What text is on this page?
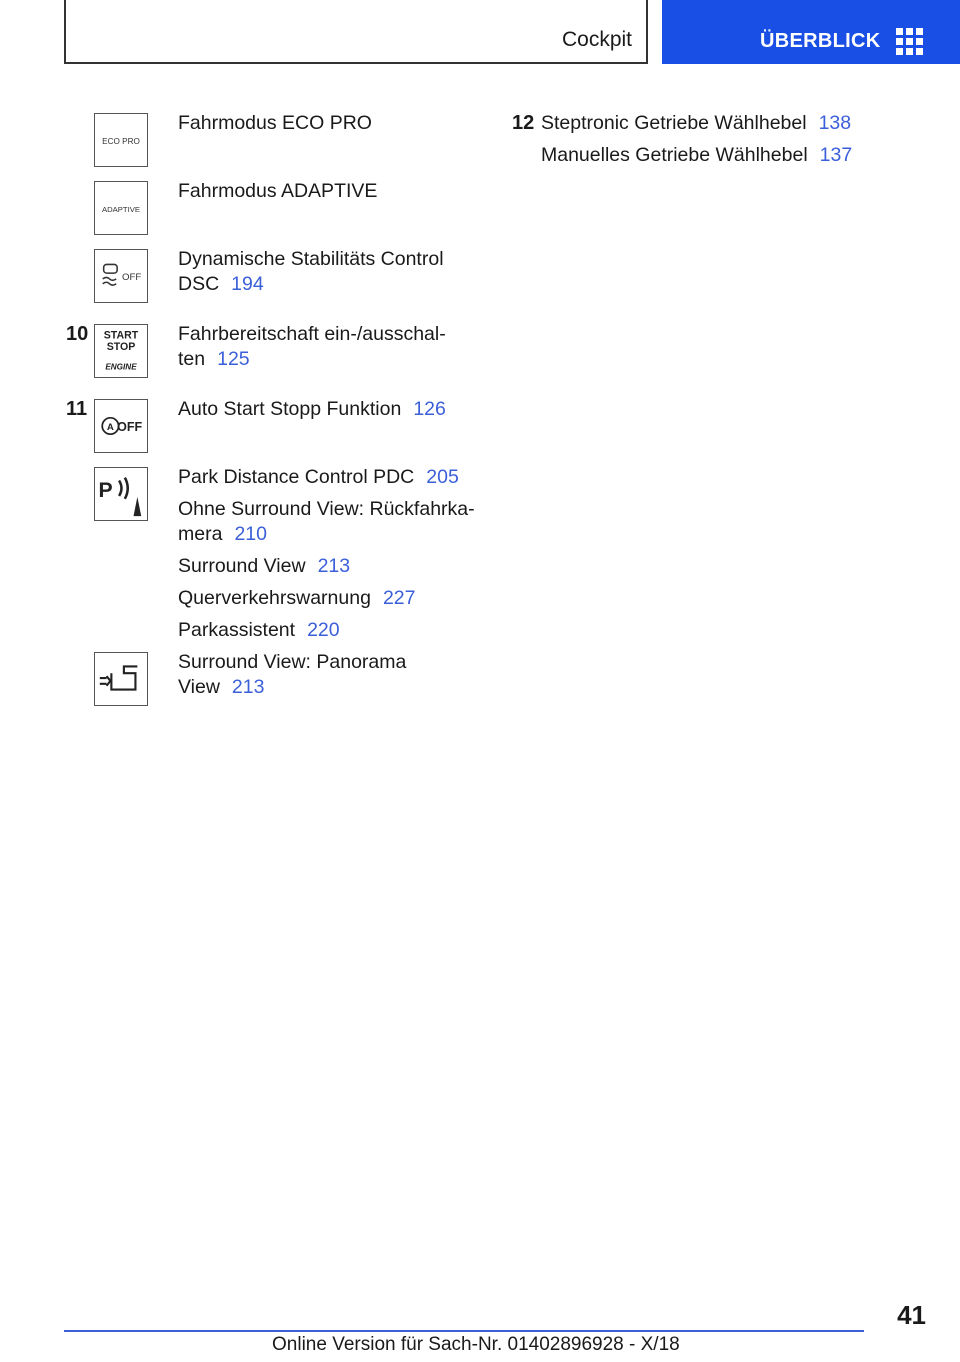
Cockpit	ÜBERBLICK
ECO PRO
Fahrmodus ECO PRO
ADAPTIVE
Fahrmodus ADAPTIVE
OFF
Dynamische Stabilitäts Control
DSC 194
10 START
STOP
ENGINE
Fahrbereitschaft ein-/ausschal-
ten 125
11
A OFF
Auto Start Stopp Funktion 126
P
Park Distance Control PDC 205
Ohne Surround View: Rückfahrka-
mera 210
Surround View 213
Querverkehrswarnung 227
Parkassistent 220
Surround View: Panorama
View 213
12 Steptronic Getriebe Wählhebel 138
Manuelles Getriebe Wählhebel 137
41
Online Version für Sach-Nr. 01402896928 - X/18
